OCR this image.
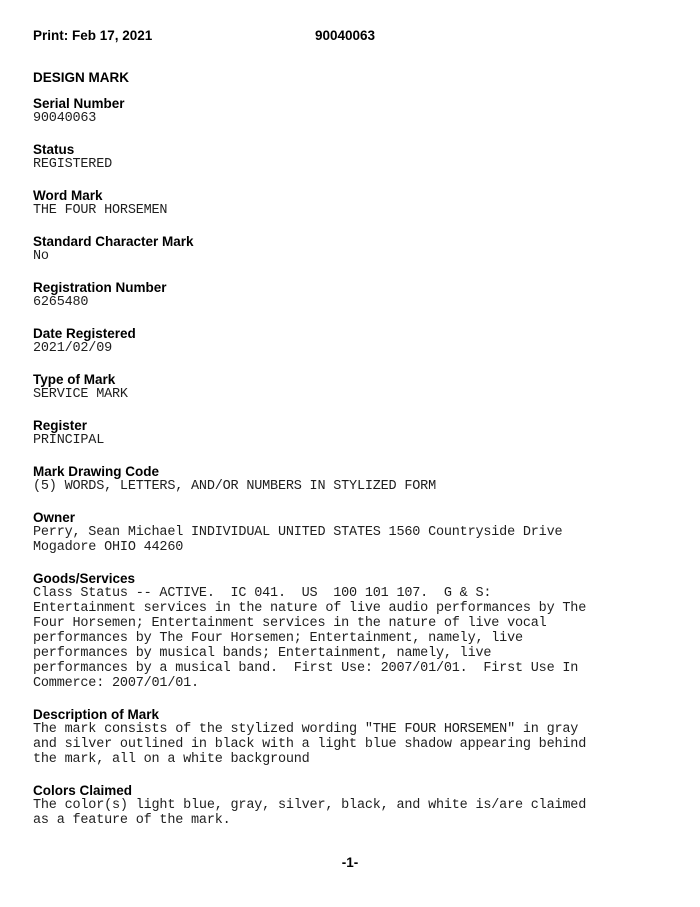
Print: Feb 17, 2021	90040063
DESIGN MARK
Serial Number
90040063
Status
REGISTERED
Word Mark
THE FOUR HORSEMEN
Standard Character Mark
No
Registration Number
6265480
Date Registered
2021/02/09
Type of Mark
SERVICE MARK
Register
PRINCIPAL
Mark Drawing Code
(5) WORDS, LETTERS, AND/OR NUMBERS IN STYLIZED FORM
Owner
Perry, Sean Michael INDIVIDUAL UNITED STATES 1560 Countryside Drive
Mogadore OHIO 44260
Goods/Services
Class Status -- ACTIVE.  IC 041.  US  100 101 107.  G & S:
Entertainment services in the nature of live audio performances by The
Four Horsemen; Entertainment services in the nature of live vocal
performances by The Four Horsemen; Entertainment, namely, live
performances by musical bands; Entertainment, namely, live
performances by a musical band.  First Use: 2007/01/01.  First Use In
Commerce: 2007/01/01.
Description of Mark
The mark consists of the stylized wording "THE FOUR HORSEMEN" in gray
and silver outlined in black with a light blue shadow appearing behind
the mark, all on a white background
Colors Claimed
The color(s) light blue, gray, silver, black, and white is/are claimed
as a feature of the mark.
-1-
